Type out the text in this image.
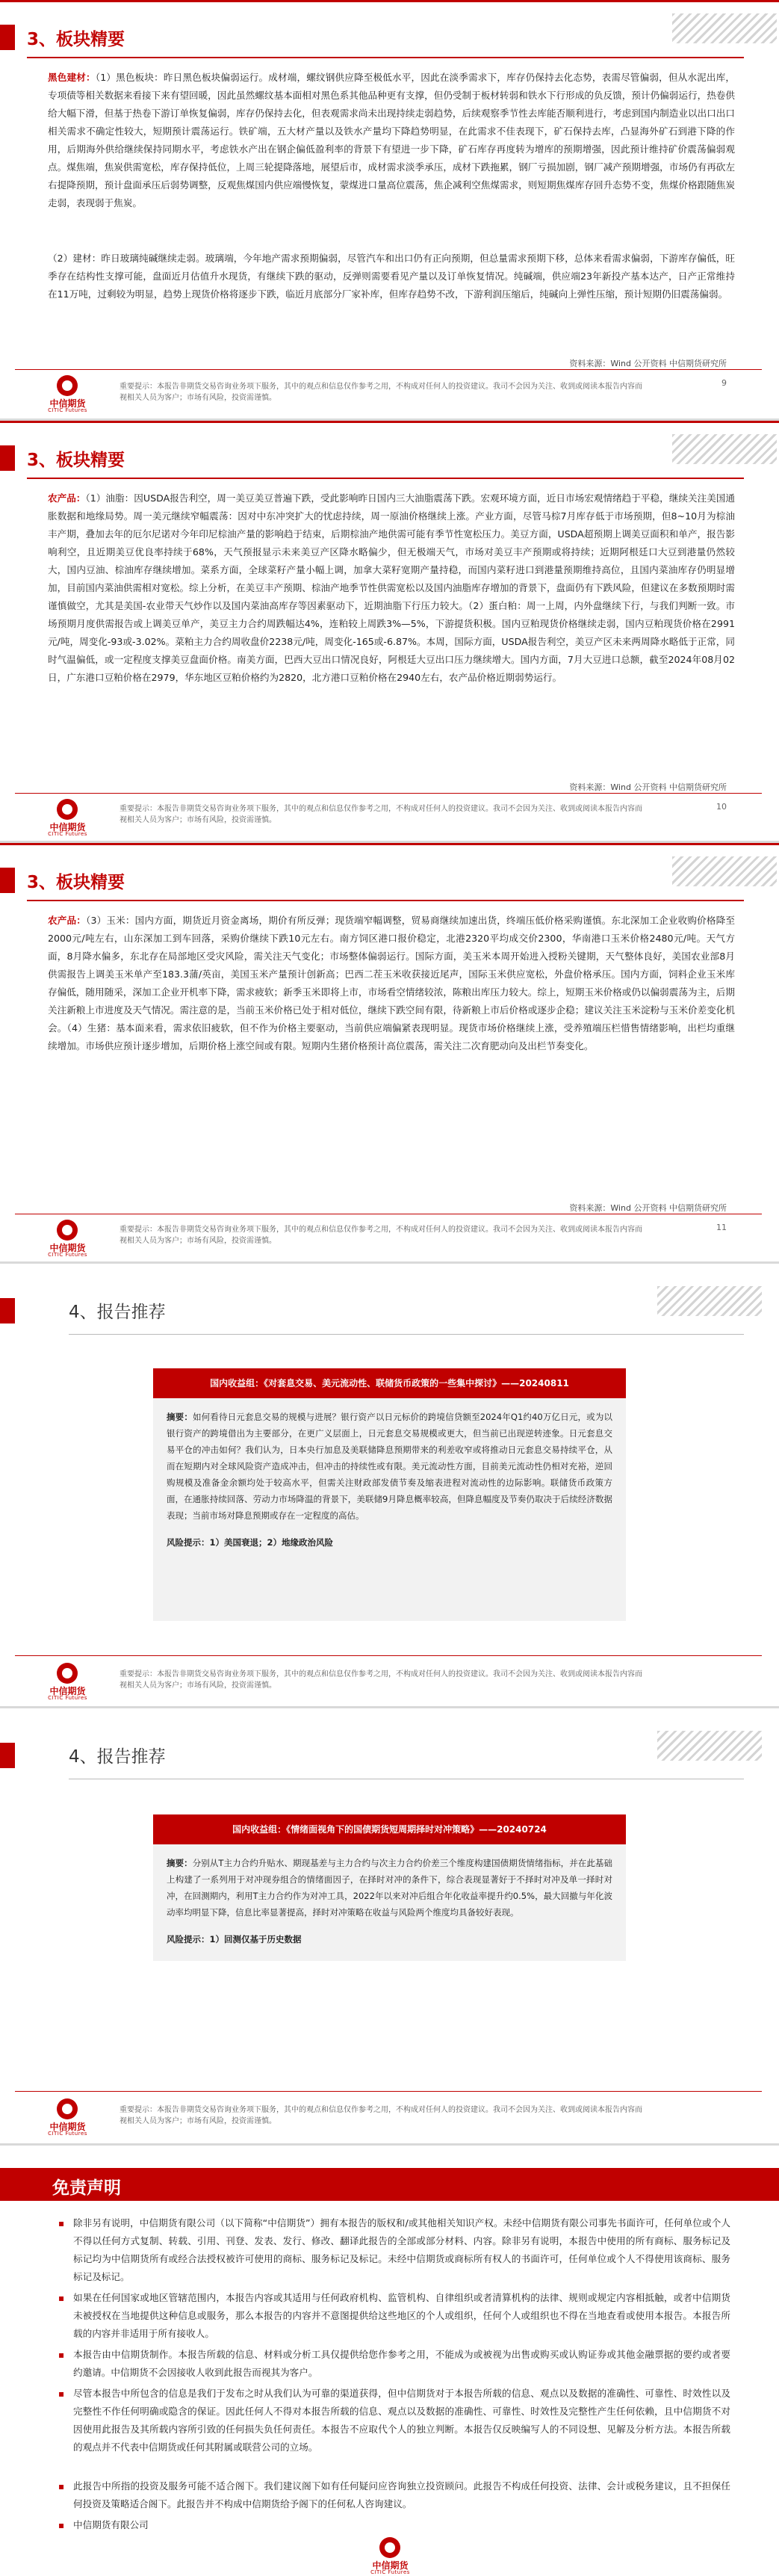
3、板块精要
黑色建材：（1）黑色板块：昨日黑色板块偏弱运行。成材端，螺纹钢供应降至极低水平，因此在淡季需求下，库存仍保持去化态势，表需尽管偏弱，但从水泥出库，专项债等相关数据来看接下来有望回暖，因此虽然螺纹基本面相对黑色系其他品种更有支撑，但仍受制于板材转弱和铁水下行形成的负反馈，预计仍偏弱运行，热卷供给大幅下滑，但基于热卷下游订单恢复偏弱，库存仍保持去化，但表观需求尚未出现持续走弱趋势，后续观察季节性去库能否顺利进行，考虑到国内制造业以出口出口相关需求不确定性较大，短期预计震荡运行。铁矿端，五大材产量以及铁水产量均下降趋势明显，在此需求不佳表现下，矿石保持去库，凸显海外矿石到港下降的作用，后期海外供给继续保持同期水平，考虑铁水产出在钢企偏低盈利率的背景下有望进一步下降，矿石库存再度转为增库的预期增强，因此预计维持矿价震荡偏弱观点。煤焦端，焦炭供需宽松，库存保持低位，上周三轮提降落地，展望后市，成材需求淡季承压，成材下跌拖累，钢厂亏损加剧，钢厂减产预期增强，市场仍有再砍左右提降预期，预计盘面承压后弱势调整，反观焦煤国内供应端慢恢复，蒙煤进口量高位震荡，焦企减利空焦煤需求，则短期焦煤库存回升态势不变，焦煤价格跟随焦炭走弱，表现弱于焦炭。
（2）建材：昨日玻璃纯碱继续走弱。玻璃端，今年地产需求预期偏弱，尽管汽车和出口仍有正向预期，但总量需求预期下移，总体来看需求偏弱，下游库存偏低，旺季存在结构性支撑可能，盘面近月估值升水现货，有继续下跌的驱动，反弹则需要看见产量以及订单恢复情况。纯碱端，供应端23年新投产基本达产，日产正常维持在11万吨，过剩较为明显，趋势上现货价格将逐步下跌，临近月底部分厂家补库，但库存趋势不改，下游利润压缩后，纯碱向上弹性压缩，预计短期仍旧震荡偏弱。
资料来源：Wind 公开资料 中信期货研究所
中信期货
CITIC Futures
重要提示：本报告非期货交易咨询业务项下服务，其中的观点和信息仅作参考之用，不构成对任何人的投资建议。我司不会因为关注、收到或阅读本报告内容而视相关人员为客户；市场有风险，投资需谨慎。
9
3、板块精要
农产品：（1）油脂：因USDA报告利空，周一美豆美豆普遍下跌，受此影响昨日国内三大油脂震荡下跌。宏观环境方面，近日市场宏观情绪趋于平稳，继续关注美国通胀数据和地缘局势。周一美元继续窄幅震荡：因对中东冲突扩大的忧虑持续，周一原油价格继续上涨。产业方面，尽管马棕7月库存低于市场预期，但8~10月为棕油丰产期，叠加去年的厄尔尼诺对今年印尼棕油产量的影响趋于结束，后期棕油产地供需可能有季节性宽松压力。美豆方面，USDA超预期上调美豆面积和单产，报告影响利空，且近期美豆优良率持续于68%，天气预报显示未来美豆产区降水略偏少，但无极端天气，市场对美豆丰产预期或将持续；近期阿根廷口大豆到港量仍然较大，国内豆油、棕油库存继续增加。菜系方面，全球菜籽产量小幅上调，加拿大菜籽宽期产量持稳，而国内菜籽进口到港量预期维持高位，且国内菜油库存仍明显增加，目前国内菜油供需相对宽松。综上分析，在美豆丰产预期、棕油产地季节性供需宽松以及国内油脂库存增加的背景下，盘面仍有下跌风险，但建议在多数预期时需谨慎做空，尤其是美国-农业带天气炒作以及国内菜油高库存等因素驱动下，近期油脂下行压力较大。（2）蛋白粕：周一上周，内外盘继续下行，与我们判断一致。市场预期月度供需报告或上调美豆单产，美豆主力合约周跌幅达4%，连粕较上周跌3%—5%，下游提货积极。国内豆粕现货价格继续走弱，国内豆粕现货价格在2991元/吨，周变化-93或-3.02%。菜粕主力合约周收盘价2238元/吨，周变化-165或-6.87%。本周，国际方面，USDA报告利空，美豆产区未来两周降水略低于正常，同时气温偏低，或一定程度支撑美豆盘面价格。南美方面，巴西大豆出口情况良好，阿根廷大豆出口压力继续增大。国内方面，7月大豆进口总额，截至2024年08月02日，广东港口豆粕价格在2979，华东地区豆粕价格约为2820，北方港口豆粕价格在2940左右，农产品价格近期弱势运行。
资料来源：Wind 公开资料 中信期货研究所
中信期货
CITIC Futures
重要提示：本报告非期货交易咨询业务项下服务，其中的观点和信息仅作参考之用，不构成对任何人的投资建议。我司不会因为关注、收到或阅读本报告内容而视相关人员为客户；市场有风险，投资需谨慎。
10
3、板块精要
农产品：（3）玉米：国内方面，期货近月资金离场，期价有所反弹；现货端窄幅调整，贸易商继续加速出货，终端压低价格采购谨慎。东北深加工企业收购价格降至2000元/吨左右，山东深加工到车回落，采购价继续下跌10元左右。南方饲区港口报价稳定，北港2320平均成交价2300，华南港口玉米价格2480元/吨。天气方面，8月降水偏多，东北存在局部地区受灾风险，需关注天气变化；市场整体偏弱运行。国际方面，美玉米本周开始进入授粉关键期，天气整体良好，美国农业部8月供需报告上调美玉米单产至183.3蒲/英亩，美国玉米产量预计创新高；巴西二茬玉米收获接近尾声，国际玉米供应宽松，外盘价格承压。国内方面，饲料企业玉米库存偏低，随用随采，深加工企业开机率下降，需求疲软；新季玉米即将上市，市场看空情绪较浓，陈粮出库压力较大。综上，短期玉米价格或仍以偏弱震荡为主，后期关注新粮上市进度及天气情况。需注意的是，当前玉米价格已处于相对低位，继续下跌空间有限，待新粮上市后价格或逐步企稳；建议关注玉米淀粉与玉米价差变化机会。（4）生猪：基本面来看，需求依旧疲软，但不作为价格主要驱动，当前供应端偏紧表现明显。现货市场价格继续上涨，受养殖端压栏惜售情绪影响，出栏均重继续增加。市场供应预计逐步增加，后期价格上涨空间或有限。短期内生猪价格预计高位震荡，需关注二次育肥动向及出栏节奏变化。
资料来源：Wind 公开资料 中信期货研究所
中信期货
CITIC Futures
重要提示：本报告非期货交易咨询业务项下服务，其中的观点和信息仅作参考之用，不构成对任何人的投资建议。我司不会因为关注、收到或阅读本报告内容而视相关人员为客户；市场有风险，投资需谨慎。
11
4、报告推荐
国内收益组：《对套息交易、美元流动性、联储货币政策的一些集中探讨》——20240811
摘要：如何看待日元套息交易的规模与进展？银行资产以日元标价的跨境信贷额至2024年Q1约40万亿日元，或为以银行资产的跨境借出为主要部分，在更广义层面上，日元套息交易规模或更大，但当前已出现逆转迹象。日元套息交易平仓的冲击如何？我们认为，日本央行加息及美联储降息预期带来的利差收窄或将推动日元套息交易持续平仓，从而在短期内对全球风险资产造成冲击，但冲击的持续性或有限。美元流动性方面，目前美元流动性仍相对充裕，逆回购规模及准备金余额均处于较高水平，但需关注财政部发债节奏及缩表进程对流动性的边际影响。联储货币政策方面，在通胀持续回落、劳动力市场降温的背景下，美联储9月降息概率较高，但降息幅度及节奏仍取决于后续经济数据表现；当前市场对降息预期或存在一定程度的高估。
风险提示：1）美国衰退；2）地缘政治风险
中信期货
CITIC Futures
重要提示：本报告非期货交易咨询业务项下服务，其中的观点和信息仅作参考之用，不构成对任何人的投资建议。我司不会因为关注、收到或阅读本报告内容而视相关人员为客户；市场有风险，投资需谨慎。
4、报告推荐
国内收益组：《情绪面视角下的国债期货短周期择时对冲策略》——20240724
摘要：分别从T主力合约升贴水、期现基差与主力合约与次主力合约价差三个维度构建国债期货情绪指标，并在此基础上构建了一系列用于对冲现券组合的情绪面因子，在择时对冲的条件下，综合表现显著好于不择时对冲及单一择时对冲，在回测期内，利用T主力合约作为对冲工具，2022年以来对冲后组合年化收益率提升约0.5%，最大回撤与年化波动率均明显下降，信息比率显著提高，择时对冲策略在收益与风险两个维度均具备较好表现。
风险提示：1）回测仅基于历史数据
中信期货
CITIC Futures
重要提示：本报告非期货交易咨询业务项下服务，其中的观点和信息仅作参考之用，不构成对任何人的投资建议。我司不会因为关注、收到或阅读本报告内容而视相关人员为客户；市场有风险，投资需谨慎。
免责声明
▪ 除非另有说明，中信期货有限公司（以下简称“中信期货”）拥有本报告的版权和/或其他相关知识产权。未经中信期货有限公司事先书面许可，任何单位或个人不得以任何方式复制、转载、引用、刊登、发表、发行、修改、翻译此报告的全部或部分材料、内容。除非另有说明，本报告中使用的所有商标、服务标记及标记均为中信期货所有或经合法授权被许可使用的商标、服务标记及标记。未经中信期货或商标所有权人的书面许可，任何单位或个人不得使用该商标、服务标记及标记。
▪ 如果在任何国家或地区管辖范围内，本报告内容或其适用与任何政府机构、监管机构、自律组织或者清算机构的法律、规则或规定内容相抵触，或者中信期货未被授权在当地提供这种信息或服务，那么本报告的内容并不意图提供给这些地区的个人或组织，任何个人或组织也不得在当地查看或使用本报告。本报告所载的内容并非适用于所有接收人。
▪ 本报告由中信期货制作。本报告所载的信息、材料或分析工具仅提供给您作参考之用，不能成为或被视为出售或购买或认购证券或其他金融票据的要约或者要约邀请。中信期货不会因接收人收到此报告而视其为客户。
▪ 尽管本报告中所包含的信息是我们于发布之时从我们认为可靠的渠道获得，但中信期货对于本报告所载的信息、观点以及数据的准确性、可靠性、时效性以及完整性不作任何明确或隐含的保证。因此任何人不得对本报告所载的信息、观点以及数据的准确性、可靠性、时效性及完整性产生任何依赖，且中信期货不对因使用此报告及其所载内容所引致的任何损失负任何责任。本报告不应取代个人的独立判断。本报告仅反映编写人的不同设想、见解及分析方法。本报告所载的观点并不代表中信期货或任何其附属或联营公司的立场。
▪ 此报告中所指的投资及服务可能不适合阁下。我们建议阁下如有任何疑问应咨询独立投资顾问。此报告不构成任何投资、法律、会计或税务建议，且不担保任何投资及策略适合阁下。此报告并不构成中信期货给予阁下的任何私人咨询建议。
▪ 中信期货有限公司
中信期货
CITIC Futures
